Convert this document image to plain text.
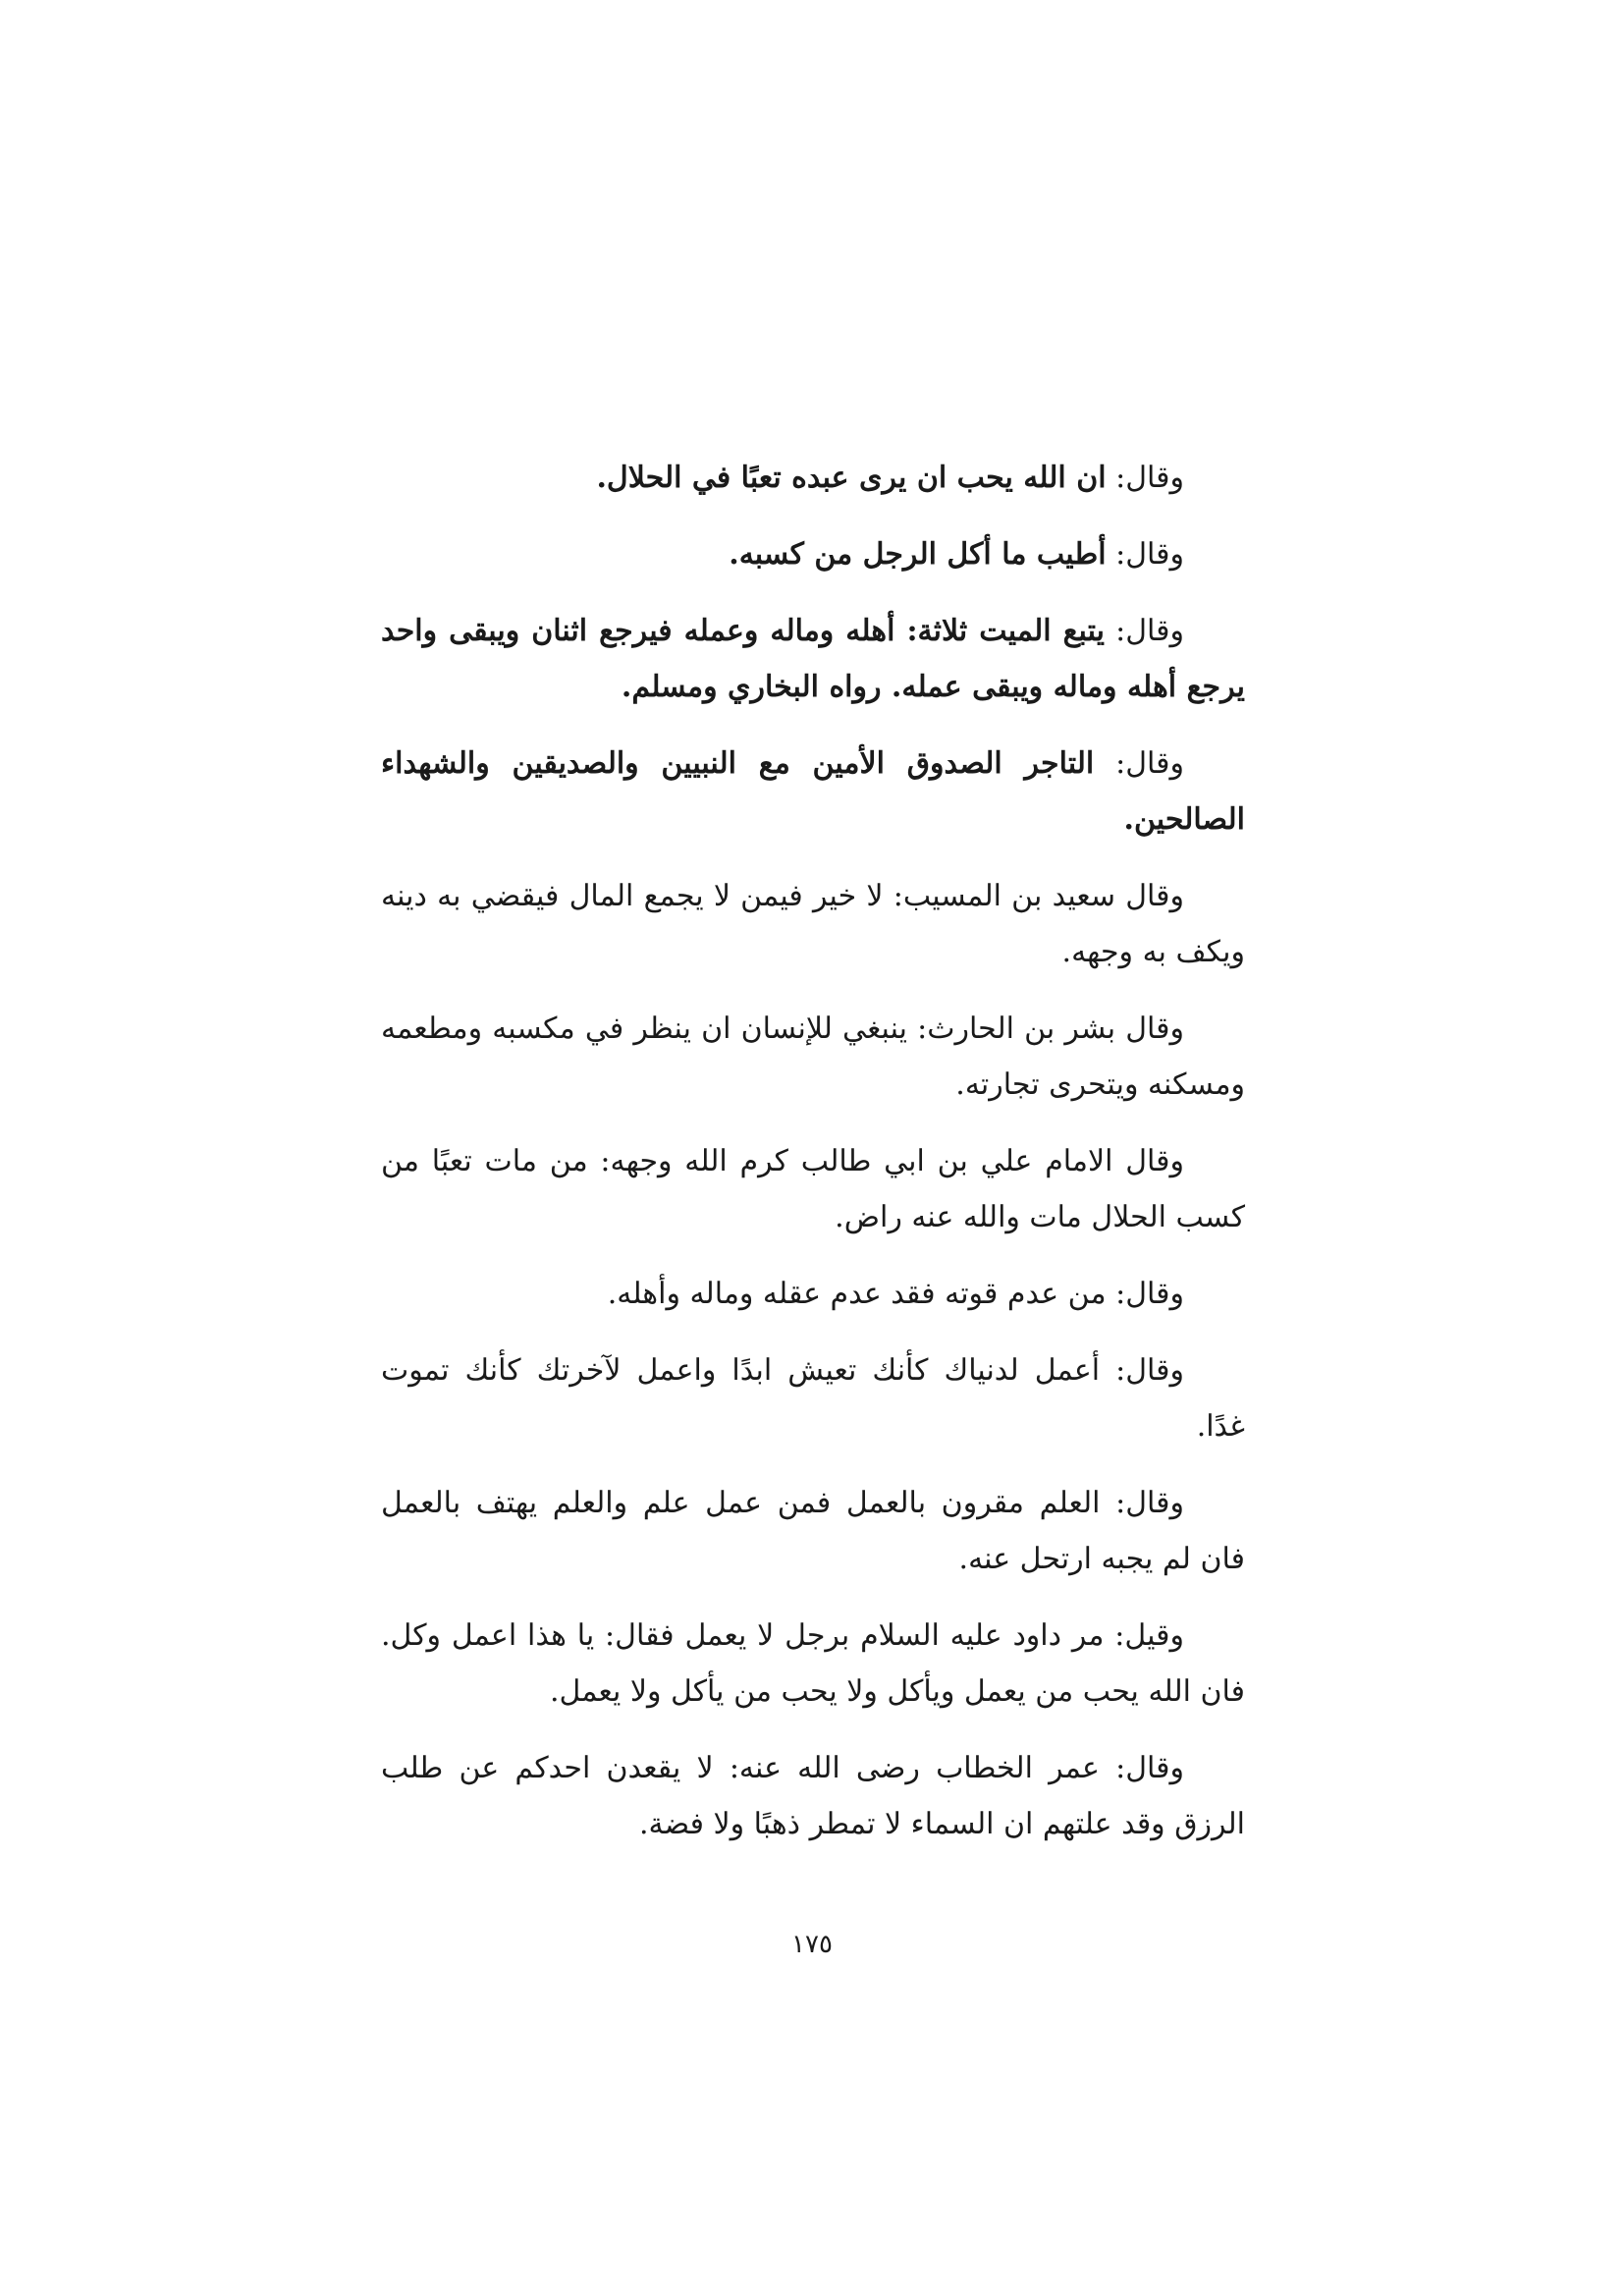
وقال: ان الله يحب ان يرى عبده تعبًا في الحلال.

وقال: أطيب ما أكل الرجل من كسبه.

وقال: يتبع الميت ثلاثة: أهله وماله وعمله فيرجع اثنان ويبقى واحد يرجع أهله وماله ويبقى عمله. رواه البخاري ومسلم.

وقال: التاجر الصدوق الأمين مع النبيين والصديقين والشهداء الصالحين.

وقال سعيد بن المسيب: لا خير فيمن لا يجمع المال فيقضي به دينه ويكف به وجهه.

وقال بشر بن الحارث: ينبغي للإنسان ان ينظر في مكسبه ومطعمه ومسكنه ويتحرى تجارته.

وقال الامام علي بن ابي طالب كرم الله وجهه: من مات تعبًا من كسب الحلال مات والله عنه راض.

وقال: من عدم قوته فقد عدم عقله وماله وأهله.

وقال: أعمل لدنياك كأنك تعيش ابدًا واعمل لآخرتك كأنك تموت غدًا.

وقال: العلم مقرون بالعمل فمن عمل علم والعلم يهتف بالعمل فان لم يجبه ارتحل عنه.

وقيل: مر داود عليه السلام برجل لا يعمل فقال: يا هذا اعمل وكل. فان الله يحب من يعمل ويأكل ولا يحب من يأكل ولا يعمل.

وقال: عمر الخطاب رضى الله عنه: لا يقعدن احدكم عن طلب الرزق وقد علتهم ان السماء لا تمطر ذهبًا ولا فضة.

١٧٥
